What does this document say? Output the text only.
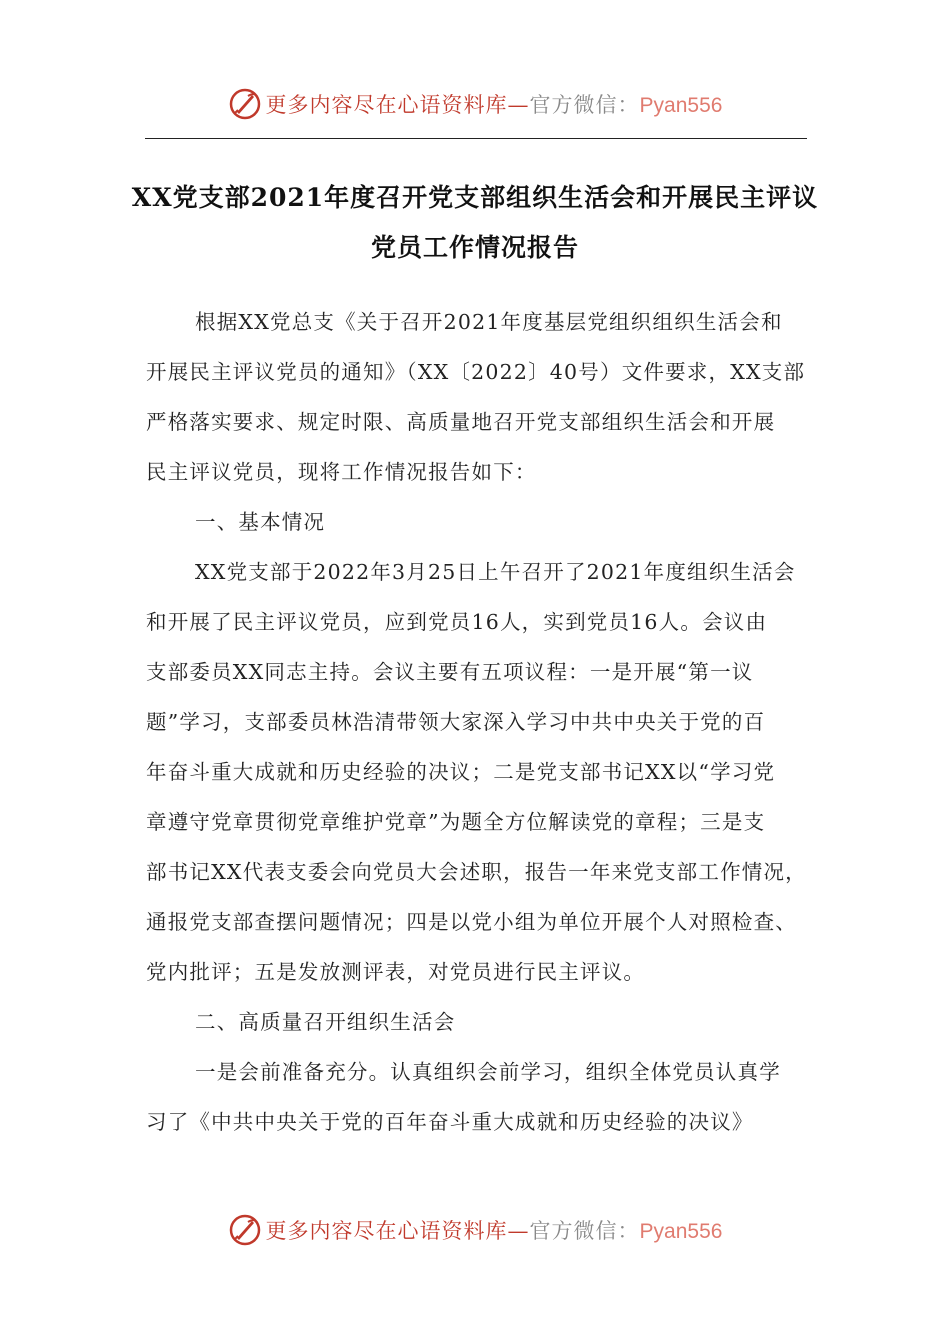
更多内容尽在心语资料库—官方微信：Pyan556
XX党支部2021年度召开党支部组织生活会和开展民主评议
党员工作情况报告
根据XX党总支《关于召开2021年度基层党组织组织生活会和
开展民主评议党员的通知》（XX〔2022〕40号）文件要求，XX支部
严格落实要求、规定时限、高质量地召开党支部组织生活会和开展
民主评议党员，现将工作情况报告如下：
一、基本情况
XX党支部于2022年3月25日上午召开了2021年度组织生活会
和开展了民主评议党员，应到党员16人，实到党员16人。会议由
支部委员XX同志主持。会议主要有五项议程：一是开展“第一议
题”学习，支部委员林浩清带领大家深入学习中共中央关于党的百
年奋斗重大成就和历史经验的决议；二是党支部书记XX以“学习党
章遵守党章贯彻党章维护党章”为题全方位解读党的章程；三是支
部书记XX代表支委会向党员大会述职，报告一年来党支部工作情况，
通报党支部查摆问题情况；四是以党小组为单位开展个人对照检查、
党内批评；五是发放测评表，对党员进行民主评议。
二、高质量召开组织生活会
一是会前准备充分。认真组织会前学习，组织全体党员认真学
习了《中共中央关于党的百年奋斗重大成就和历史经验的决议》
更多内容尽在心语资料库—官方微信：Pyan556
